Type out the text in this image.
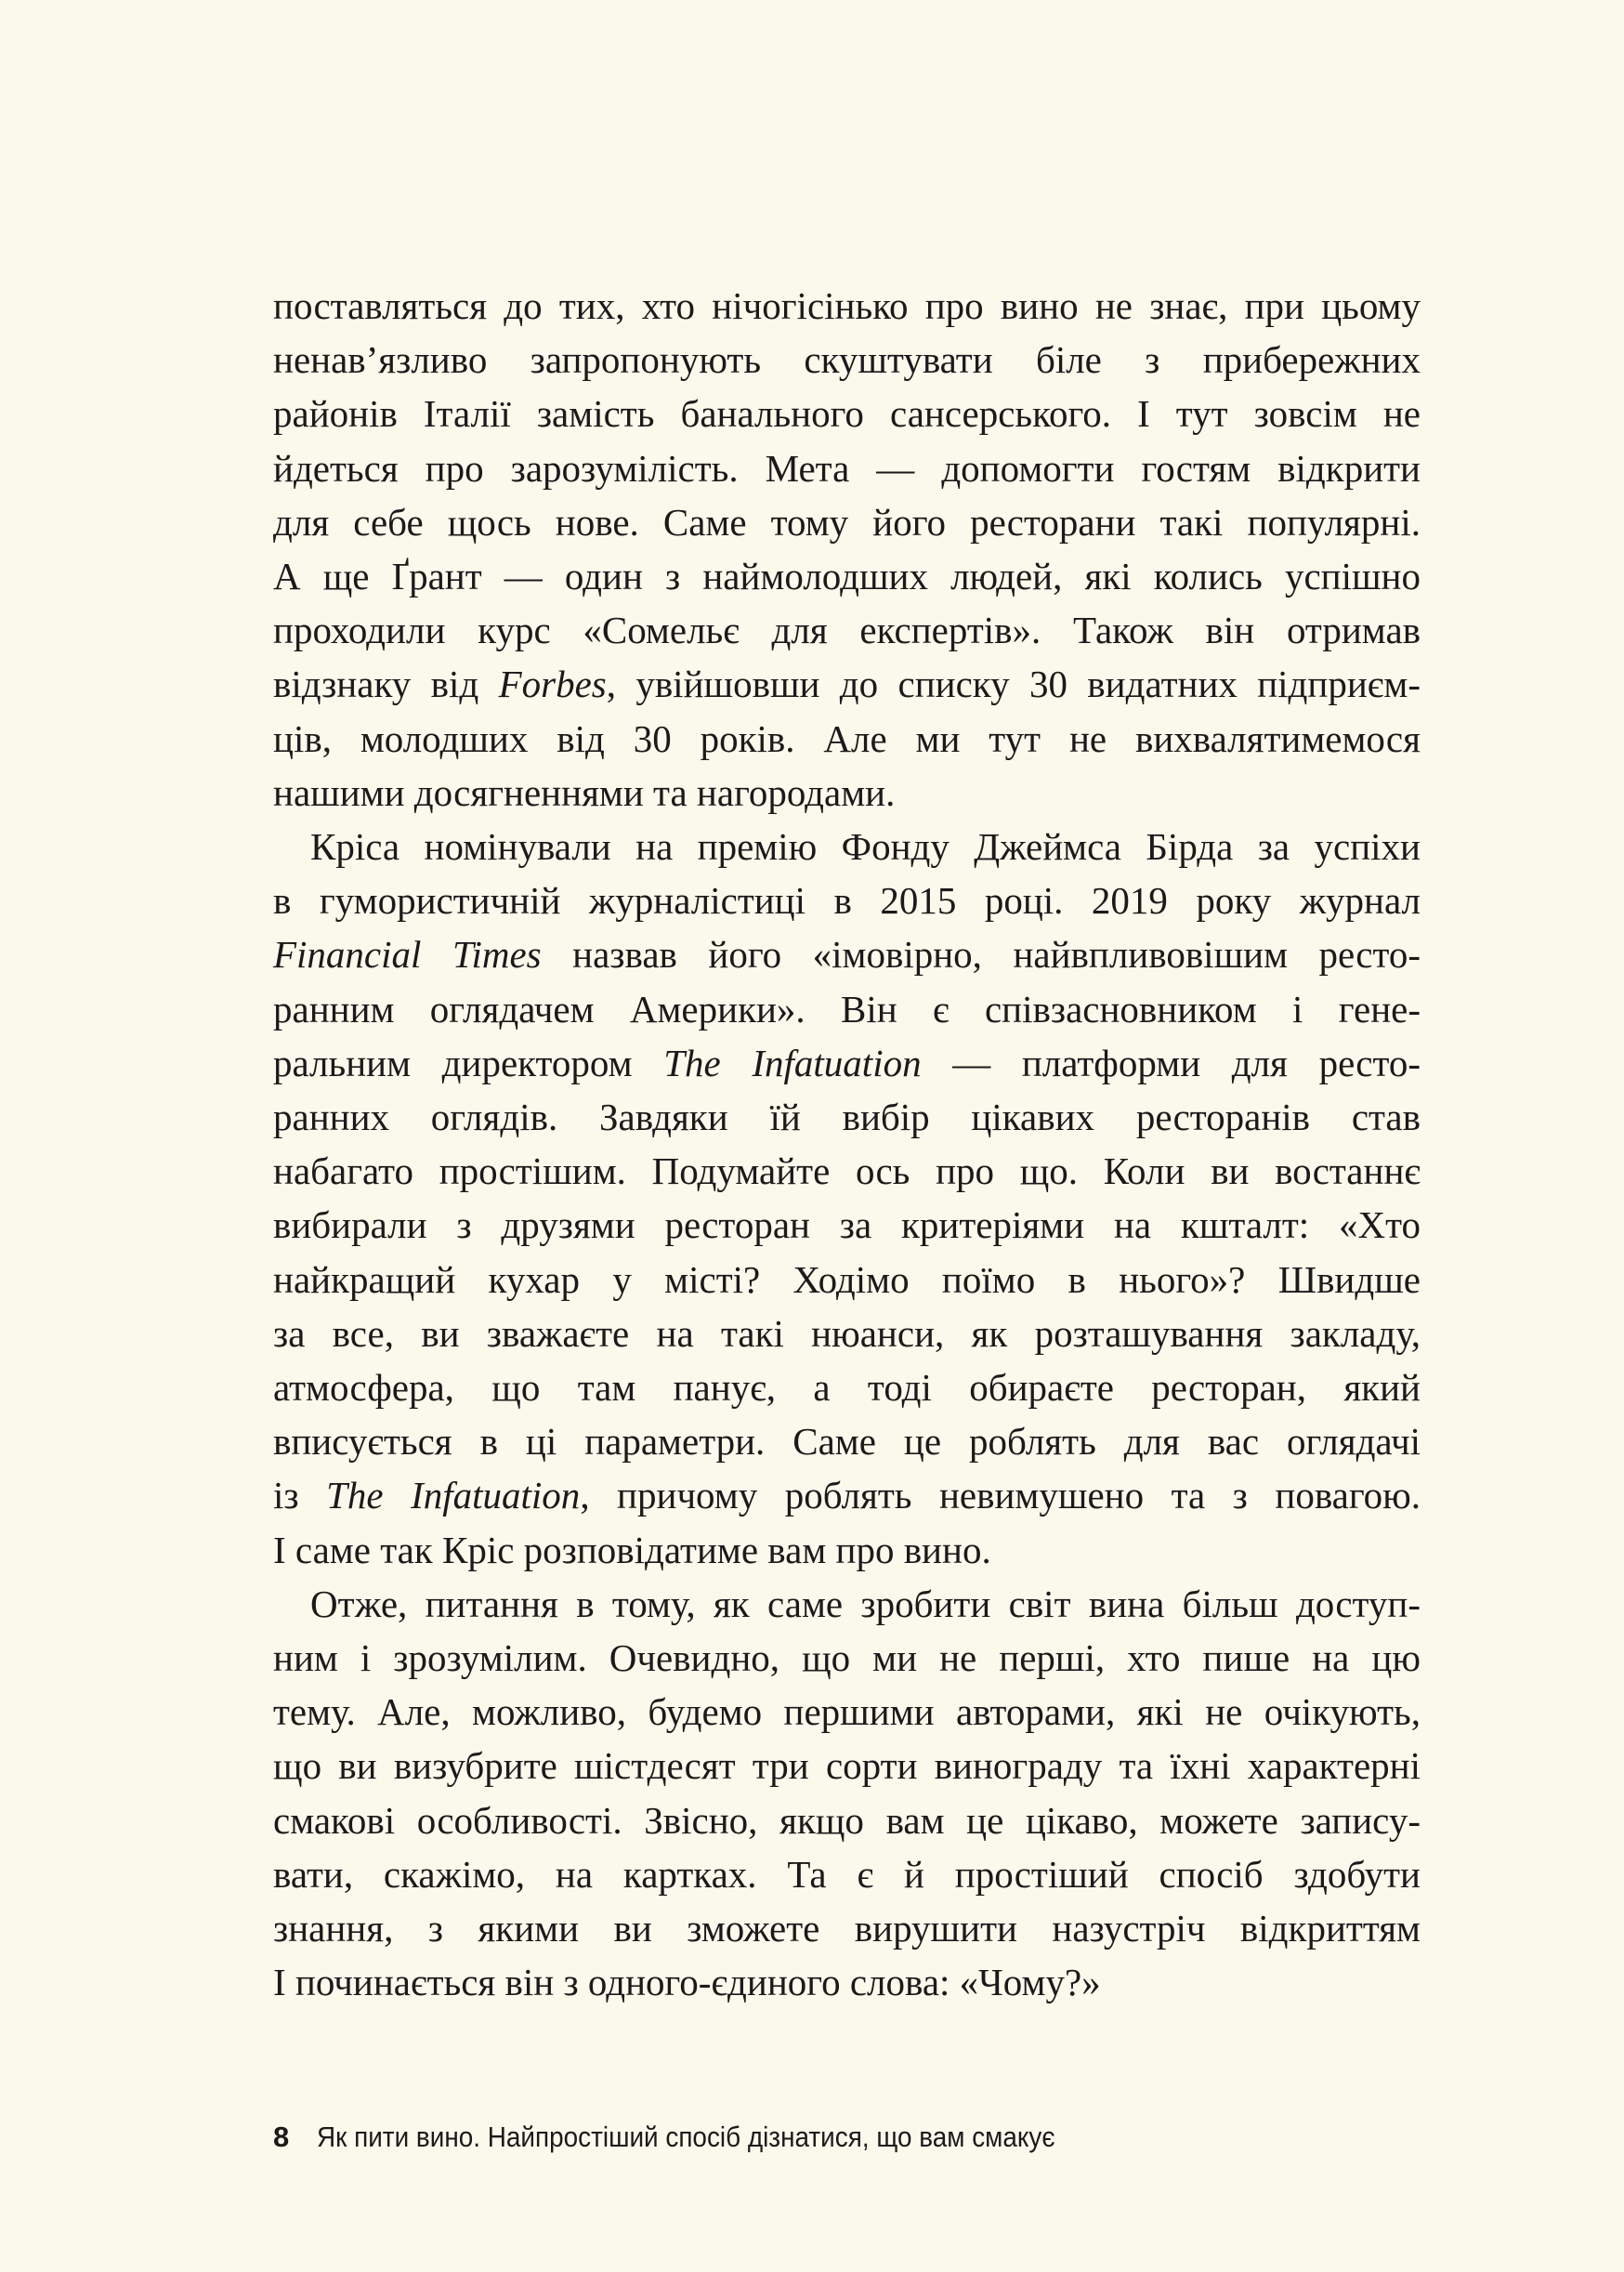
поставляться до тих, хто нічогісінько про вино не знає, при цьому
ненав’язливо запропонують скуштувати біле з прибережних
районів Італії замість банального сансерського. І тут зовсім не
йдеться про зарозумілість. Мета — допомогти гостям відкрити
для себе щось нове. Саме тому його ресторани такі популярні.
А ще Ґрант — один з наймолодших людей, які колись успішно
проходили курс «Сомельє для експертів». Також він отримав
відзнаку від Forbes, увійшовши до списку 30 видатних підприєм-
ців, молодших від 30 років. Але ми тут не вихвалятимемося
нашими досягненнями та нагородами.
Кріса номінували на премію Фонду Джеймса Бірда за успіхи
в гумористичній журналістиці в 2015 році. 2019 року журнал
Financial Times назвав його «імовірно, найвпливовішим ресто-
ранним оглядачем Америки». Він є співзасновником і гене-
ральним директором The Infatuation — платформи для ресто-
ранних оглядів. Завдяки їй вибір цікавих ресторанів став
набагато простішим. Подумайте ось про що. Коли ви востаннє
вибирали з друзями ресторан за критеріями на кшталт: «Хто
найкращий кухар у місті? Ходімо поїмо в нього»? Швидше
за все, ви зважаєте на такі нюанси, як розташування закладу,
атмосфера, що там панує, а тоді обираєте ресторан, який
вписується в ці параметри. Саме це роблять для вас оглядачі
із The Infatuation, причому роблять невимушено та з повагою.
І саме так Кріс розповідатиме вам про вино.
Отже, питання в тому, як саме зробити світ вина більш доступ-
ним і зрозумілим. Очевидно, що ми не перші, хто пише на цю
тему. Але, можливо, будемо першими авторами, які не очікують,
що ви визубрите шістдесят три сорти винограду та їхні характерні
смакові особливості. Звісно, якщо вам це цікаво, можете запису-
вати, скажімо, на картках. Та є й простіший спосіб здобути
знання, з якими ви зможете вирушити назустріч відкриттям
І починається він з одного-єдиного слова: «Чому?»
8 Як пити вино. Найпростіший спосіб дізнатися, що вам смакує
